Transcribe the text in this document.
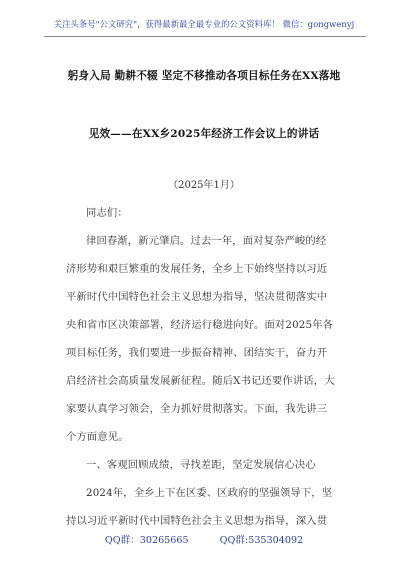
关注头条号"公文研究"，获得最新最全最专业的公文资料库！ 微信：gongwenyj
躬身入局 勤耕不辍 坚定不移推动各项目标任务在XX落地
见效——在XX乡2025年经济工作会议上的讲话
（2025年1月）
同志们：
律回春渐，新元肇启。过去一年，面对复杂严峻的经
济形势和艰巨繁重的发展任务，全乡上下始终坚持以习近
平新时代中国特色社会主义思想为指导，坚决贯彻落实中
央和省市区决策部署，经济运行稳进向好。面对2025年各
项目标任务，我们要进一步振奋精神、团结实干，奋力开
启经济社会高质量发展新征程。随后X书记还要作讲话，大
家要认真学习领会，全力抓好贯彻落实。下面，我先讲三
个方面意见。
一、客观回顾成绩，寻找差距，坚定发展信心决心
2024年，全乡上下在区委、区政府的坚强领导下，坚
持以习近平新时代中国特色社会主义思想为指导，深入贯
QQ群：30265665	QQ群:535304092
